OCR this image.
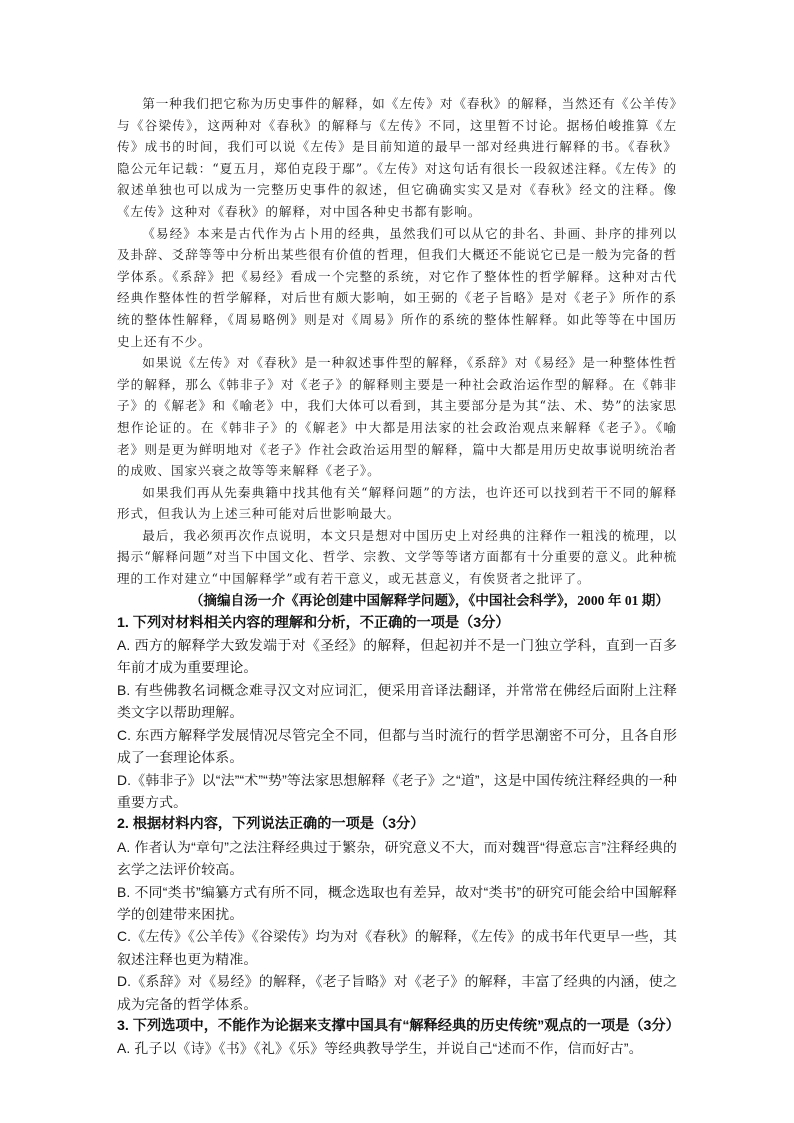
第一种我们把它称为历史事件的解释，如《左传》对《春秋》的解释，当然还有《公羊传》与《谷梁传》，这两种对《春秋》的解释与《左传》不同，这里暂不讨论。据杨伯峻推算《左传》成书的时间，我们可以说《左传》是目前知道的最早一部对经典进行解释的书。《春秋》隐公元年记载：“夏五月，郑伯克段于鄢”。《左传》对这句话有很长一段叙述注释。《左传》的叙述单独也可以成为一完整历史事件的叙述，但它确确实实又是对《春秋》经文的注释。像《左传》这种对《春秋》的解释，对中国各种史书都有影响。

《易经》本来是古代作为占卜用的经典，虽然我们可以从它的卦名、卦画、卦序的排列以及卦辞、爻辞等等中分析出某些很有价值的哲理，但我们大概还不能说它已是一般为完备的哲学体系。《系辞》把《易经》看成一个完整的系统，对它作了整体性的哲学解释。这种对古代经典作整体性的哲学解释，对后世有颇大影响，如王弼的《老子旨略》是对《老子》所作的系统的整体性解释，《周易略例》则是对《周易》所作的系统的整体性解释。如此等等在中国历史上还有不少。

如果说《左传》对《春秋》是一种叙述事件型的解释，《系辞》对《易经》是一种整体性哲学的解释，那么《韩非子》对《老子》的解释则主要是一种社会政治运作型的解释。在《韩非子》的《解老》和《喻老》中，我们大体可以看到，其主要部分是为其“法、术、势”的法家思想作论证的。在《韩非子》的《解老》中大都是用法家的社会政治观点来解释《老子》。《喻老》则是更为鲜明地对《老子》作社会政治运用型的解释，篇中大都是用历史故事说明统治者的成败、国家兴衰之故等等来解释《老子》。

如果我们再从先秦典籍中找其他有关“解释问题”的方法，也许还可以找到若干不同的解释形式，但我认为上述三种可能对后世影响最大。

最后，我必须再次作点说明，本文只是想对中国历史上对经典的注释作一粗浅的梳理，以揭示“解释问题”对当下中国文化、哲学、宗教、文学等等诸方面都有十分重要的意义。此种梳理的工作对建立“中国解释学”或有若干意义，或无甚意义，有俟贤者之批评了。

（摘编自汤一介《再论创建中国解释学问题》，《中国社会科学》，2000 年 01 期）

1. 下列对材料相关内容的理解和分析，不正确的一项是（3分）

A. 西方的解释学大致发端于对《圣经》的解释，但起初并不是一门独立学科，直到一百多年前才成为重要理论。

B. 有些佛教名词概念难寻汉文对应词汇，便采用音译法翻译，并常常在佛经后面附上注释类文字以帮助理解。

C. 东西方解释学发展情况尽管完全不同，但都与当时流行的哲学思潮密不可分，且各自形成了一套理论体系。

D.《韩非子》以“法”“术”“势”等法家思想解释《老子》之“道”，这是中国传统注释经典的一种重要方式。

2. 根据材料内容，下列说法正确的一项是（3分）

A. 作者认为“章句”之法注释经典过于繁杂，研究意义不大，而对魏晋“得意忘言”注释经典的玄学之法评价较高。

B. 不同“类书”编纂方式有所不同，概念选取也有差异，故对“类书”的研究可能会给中国解释学的创建带来困扰。

C.《左传》《公羊传》《谷梁传》均为对《春秋》的解释，《左传》的成书年代更早一些，其叙述注释也更为精准。

D.《系辞》对《易经》的解释，《老子旨略》对《老子》的解释，丰富了经典的内涵，使之成为完备的哲学体系。

3. 下列选项中，不能作为论据来支撑中国具有“解释经典的历史传统”观点的一项是（3分）

A. 孔子以《诗》《书》《礼》《乐》等经典教导学生，并说自己“述而不作，信而好古”。
